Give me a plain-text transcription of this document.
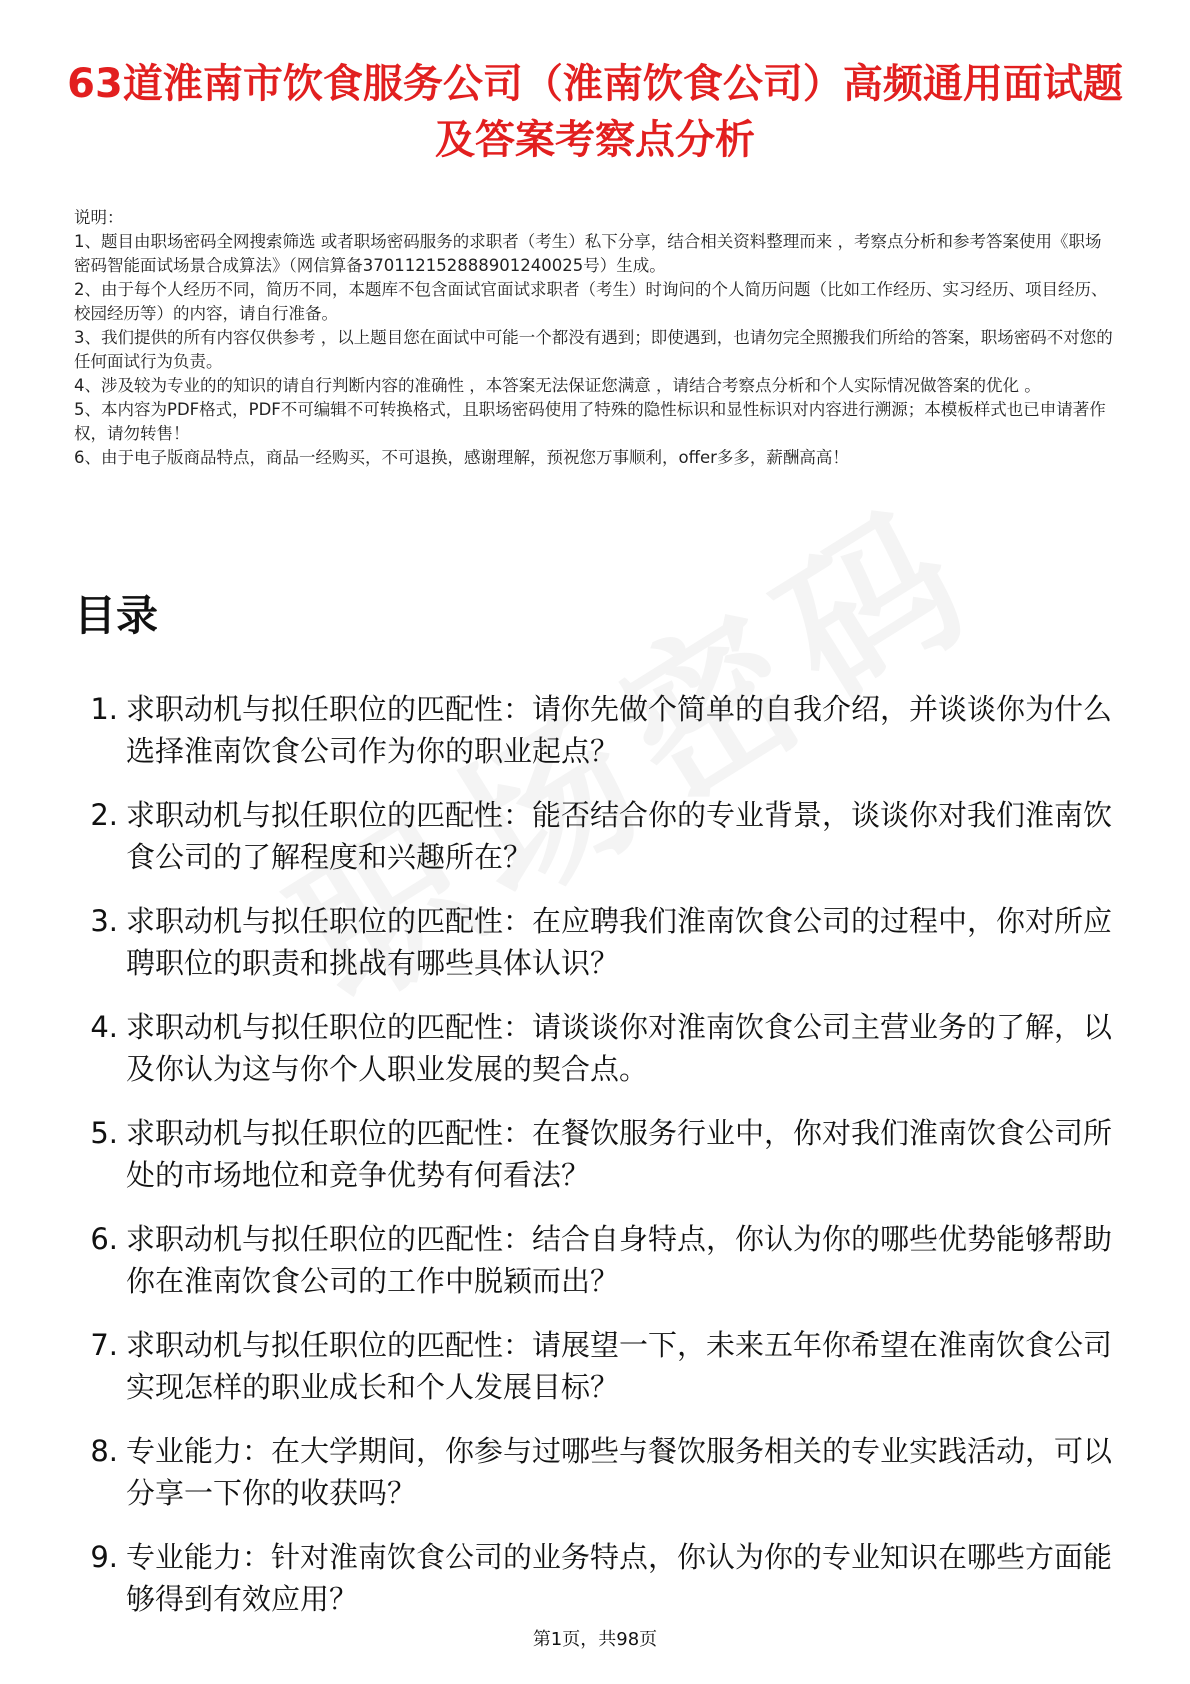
63道淮南市饮食服务公司（淮南饮食公司）高频通用面试题及答案考察点分析

说明：

1、题目由职场密码全网搜索筛选 或者职场密码服务的求职者（考生）私下分享，结合相关资料整理而来 ，考察点分析和参考答案使用《职场密码智能面试场景合成算法》（网信算备370112152888901240025号）生成。

2、由于每个人经历不同，简历不同，本题库不包含面试官面试求职者（考生）时询问的个人简历问题（比如工作经历、实习经历、项目经历、校园经历等）的内容，请自行准备。

3、我们提供的所有内容仅供参考 ，以上题目您在面试中可能一个都没有遇到；即使遇到，也请勿完全照搬我们所给的答案，职场密码不对您的任何面试行为负责。

4、涉及较为专业的的知识的请自行判断内容的准确性 ，本答案无法保证您满意 ，请结合考察点分析和个人实际情况做答案的优化 。

5、本内容为PDF格式，PDF不可编辑不可转换格式，且职场密码使用了特殊的隐性标识和显性标识对内容进行溯源；本模板样式也已申请著作权，请勿转售！

6、由于电子版商品特点，商品一经购买，不可退换，感谢理解，预祝您万事顺利，offer多多，薪酬高高！

目录
1. 求职动机与拟任职位的匹配性：请你先做个简单的自我介绍，并谈谈你为什么选择淮南饮食公司作为你的职业起点？
2. 求职动机与拟任职位的匹配性：能否结合你的专业背景，谈谈你对我们淮南饮食公司的了解程度和兴趣所在？
3. 求职动机与拟任职位的匹配性：在应聘我们淮南饮食公司的过程中，你对所应聘职位的职责和挑战有哪些具体认识？
4. 求职动机与拟任职位的匹配性：请谈谈你对淮南饮食公司主营业务的了解，以及你认为这与你个人职业发展的契合点。
5. 求职动机与拟任职位的匹配性：在餐饮服务行业中，你对我们淮南饮食公司所处的市场地位和竞争优势有何看法？
6. 求职动机与拟任职位的匹配性：结合自身特点，你认为你的哪些优势能够帮助你在淮南饮食公司的工作中脱颖而出？
7. 求职动机与拟任职位的匹配性：请展望一下，未来五年你希望在淮南饮食公司实现怎样的职业成长和个人发展目标？
8. 专业能力：在大学期间，你参与过哪些与餐饮服务相关的专业实践活动，可以分享一下你的收获吗？
9. 专业能力：针对淮南饮食公司的业务特点，你认为你的专业知识在哪些方面能够得到有效应用？
第1页，共98页
